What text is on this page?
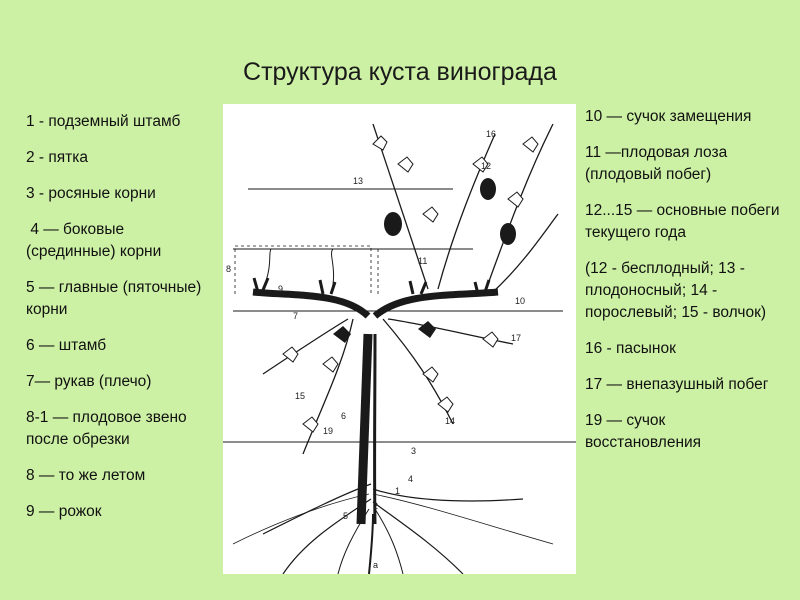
Структура куста винограда
1 - подземный штамб
2 - пятка
3 - росяные корни
4 — боковые (срединные) корни
5 — главные (пяточные) корни
6 — штамб
7— рукав (плечо)
8-1 — плодовое звено после обрезки
8 — то же летом
9 — рожок
10 — сучок замещения
11 —плодовая лоза (плодовый побег)
12...15 — основные побеги текущего года
(12 - бесплодный; 13 - плодоносный; 14 - порослевый; 15 - волчок)
16 - пасынок
17 — внепазушный побег
19 — сучок восстановления
1
2
3
4
5
6
7
8
9
10
11
12
13
14
15
16
17
19
а
